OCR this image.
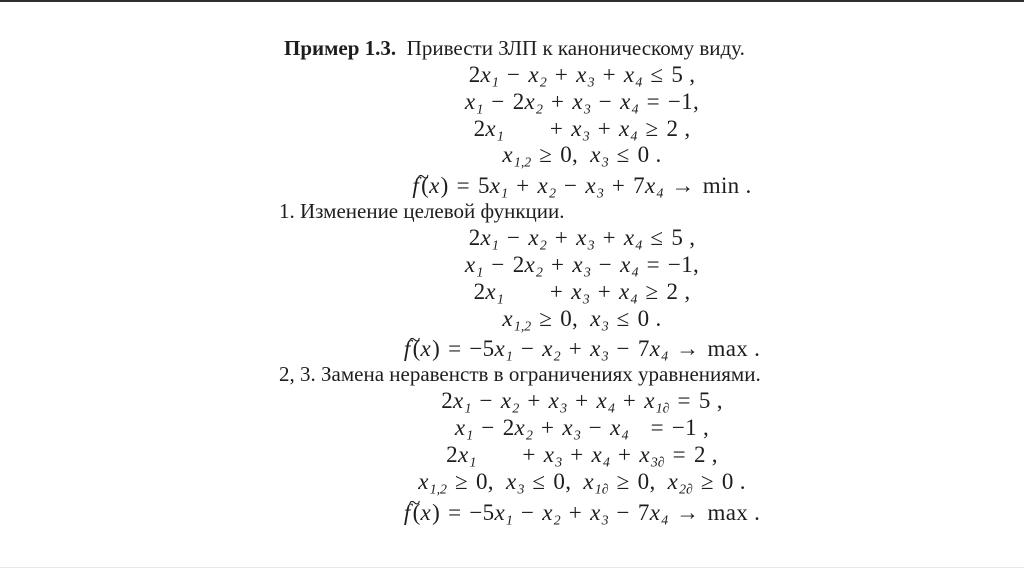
Пример 1.3.  Привести ЗЛП к каноническому виду.
2x1 − x2 + x3 + x4 ≤ 5 ,
x1 − 2x2 + x3 − x4 = −1,
2x1 + x3 + x4 ≥ 2 ,
x1,2 ≥ 0,  x3 ≤ 0 .
f ~(x) = 5x1 + x2 − x3 + 7x4 → min .
1. Изменение целевой функции.
2x1 − x2 + x3 + x4 ≤ 5 ,
x1 − 2x2 + x3 − x4 = −1,
2x1 + x3 + x4 ≥ 2 ,
x1,2 ≥ 0,  x3 ≤ 0 .
f ~(x) = −5x1 − x2 + x3 − 7x4 → max .
2, 3. Замена неравенств в ограничениях уравнениями.
2x1 − x2 + x3 + x4 + x1∂ = 5 ,
x1 − 2x2 + x3 − x4 = −1 ,
2x1 + x3 + x4 + x3∂ = 2 ,
x1,2 ≥ 0,  x3 ≤ 0,  x1∂ ≥ 0,  x2∂ ≥ 0 .
f ~(x) = −5x1 − x2 + x3 − 7x4 → max .
